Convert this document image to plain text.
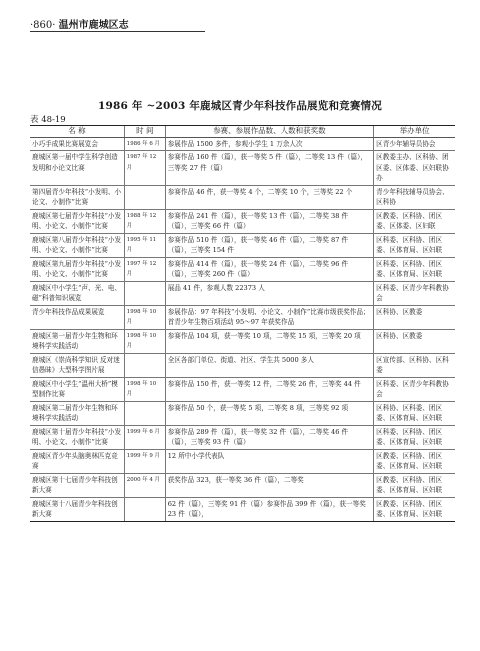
·860· 温州市鹿城区志
1986 年 ~2003 年鹿城区青少年科技作品展览和竞赛情况
表 48-19
名 称	时 间	参赛、参展作品数、人数和获奖数	举办单位
小巧手成果比赛展览会	1986 年 6 月	参展作品 1500 多件，参观小学生 1 万余人次	区青少年辅导员协会
鹿城区第一届中学生科学创造发明和小论文比赛	1987 年 12 月	参赛作品 160 件（篇），获一等奖 5 件（篇），二等奖 13 件（篇），三等奖 27 件（篇）	区教委主办、区科协、团区委、区体委、区妇联协办
第四届青少年科技“小发明、小论文、小制作”比赛		参赛作品 46 件，获一等奖 4 个，二等奖 10 个，三等奖 22 个	青少年科技辅导员协会、区科协
鹿城区第七届青少年科技“小发明、小论文、小制作”比赛	1988 年 12 月	参赛作品 241 件（篇），获一等奖 13 件（篇），二等奖 38 件（篇），三等奖 66 件（篇）	区教委、区科协、团区委、区体委、区妇联
鹿城区第八届青少年科技“小发明、小论文、小制作”比赛	1995 年 11 月	参赛作品 510 件（篇），获一等奖 46 件（篇），二等奖 87 件（篇），三等奖 154 件	区科委、区科协、团区委、区体育局、区妇联
鹿城区第九届青少年科技“小发明、小论文、小制作”比赛	1997 年 12 月	参赛作品 414 件（篇），获一等奖 24 件（篇），二等奖 96 件（篇），三等奖 260 件（篇）	区科委、区科协、团区委、区体育局、区妇联
鹿城区中小学生“声、光、电、磁”科普知识展览		展品 41 件，参观人数 22373 人	区科委、区青少年科教协会
青少年科技作品成果展览	1998 年 10 月	参展作品：97 年科技“小发明、小论文、小制作”比赛市级获奖作品；首青少年生物百项活动 95～97 年获奖作品	区科协、区教委
鹿城区第一届青少年生物和环境科学实践活动	1998 年 10 月	参赛作品 104 项，获一等奖 10 项，二等奖 15 项，三等奖 20 项	区科协、区教委
鹿城区《崇尚科学知识 反对迷信愚昧》大型科学图片展		全区各部门单位、街道、社区、学生共 5000 多人	区宣传部、区科协、区科委
鹿城区中小学生“温州大桥”模型制作比赛	1998 年 10 月	参赛作品 150 件，获一等奖 12 件，二等奖 26 件，三等奖 44 件	区科委、区青少年科教协会
鹿城区第二届青少年生物和环境科学实践活动		参赛作品 50 个，获一等奖 5 项，二等奖 8 项，三等奖 92 项	区科协、区科委、团区委、区体育局、区妇联
鹿城区第十届青少年科技“小发明、小论文、小制作”比赛	1999 年 6 月	参赛作品 289 件（篇），获一等奖 32 件（篇），二等奖 46 件（篇），三等奖 93 件（篇）	区科委、区科协、团区委、区体育局、区妇联
鹿城区青少年头脑奥林匹克竞赛	1999 年 9 月	12 所中小学代表队	区教委、区科协、团区委、区体育局、区妇联
鹿城区第十七届青少年科技创新大赛	2000 年 4 月	获奖作品 323，获一等奖 36 件（篇），二等奖	区教委、区科协、团区委、区体育局、区妇联
鹿城区第十八届青少年科技创新大赛		62 件（篇），三等奖 91 件（篇）参赛作品 399 件（篇），获一等奖 23 件（篇），	区教委、区科协、团区委、区体育局、区妇联
